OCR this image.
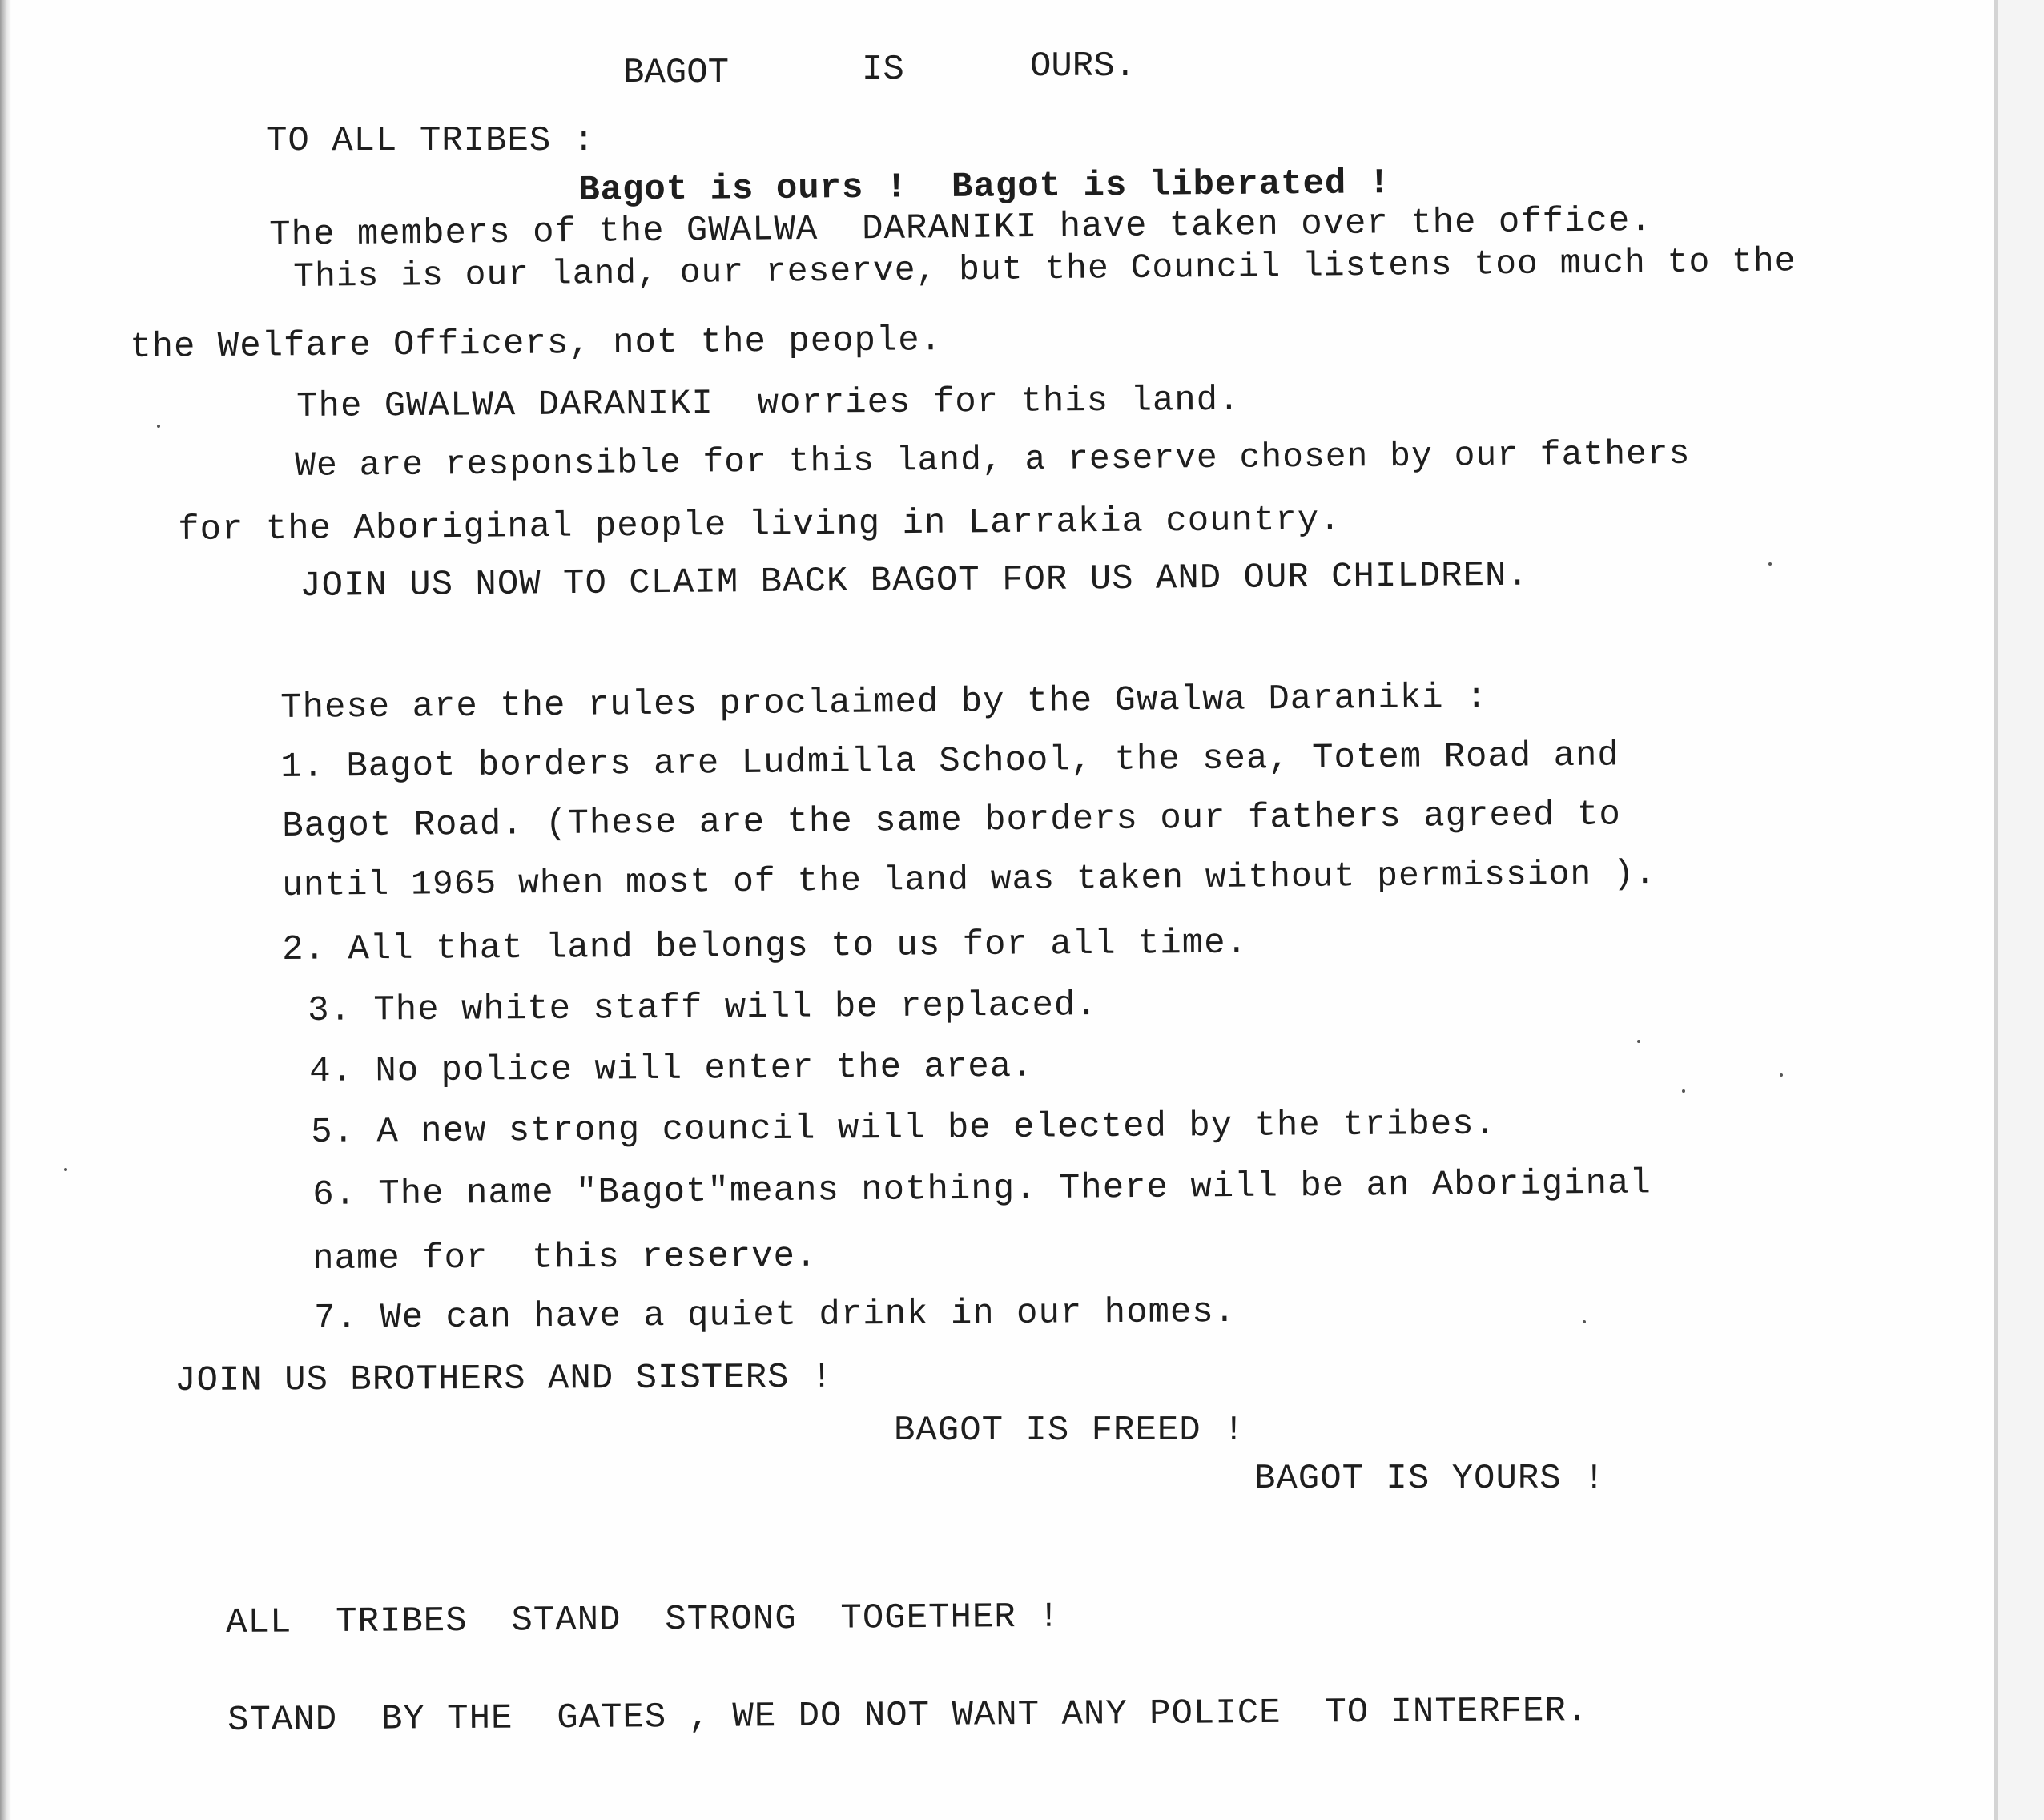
BAGOT	IS	OURS.

TO ALL TRIBES :

Bagot is ours !  Bagot is liberated !

The members of the GWALWA  DARANIKI have taken over the office.

This is our land, our reserve, but the Council listens too much to the

the Welfare Officers, not the people.

The GWALWA DARANIKI  worries for this land.

We are responsible for this land, a reserve chosen by our fathers

for the Aboriginal people living in Larrakia country.

JOIN US NOW TO CLAIM BACK BAGOT FOR US AND OUR CHILDREN.

These are the rules proclaimed by the Gwalwa Daraniki :

1. Bagot borders are Ludmilla School, the sea, Totem Road and

Bagot Road. (These are the same borders our fathers agreed to

until 1965 when most of the land was taken without permission ).

2. All that land belongs to us for all time.

3. The white staff will be replaced.

4. No police will enter the area.

5. A new strong council will be elected by the tribes.

6. The name "Bagot"means nothing. There will be an Aboriginal

name for  this reserve.

7. We can have a quiet drink in our homes.

JOIN US BROTHERS AND SISTERS !

BAGOT IS FREED !

BAGOT IS YOURS !

ALL  TRIBES  STAND  STRONG  TOGETHER !

STAND  BY THE  GATES , WE DO NOT WANT ANY POLICE  TO INTERFER.
